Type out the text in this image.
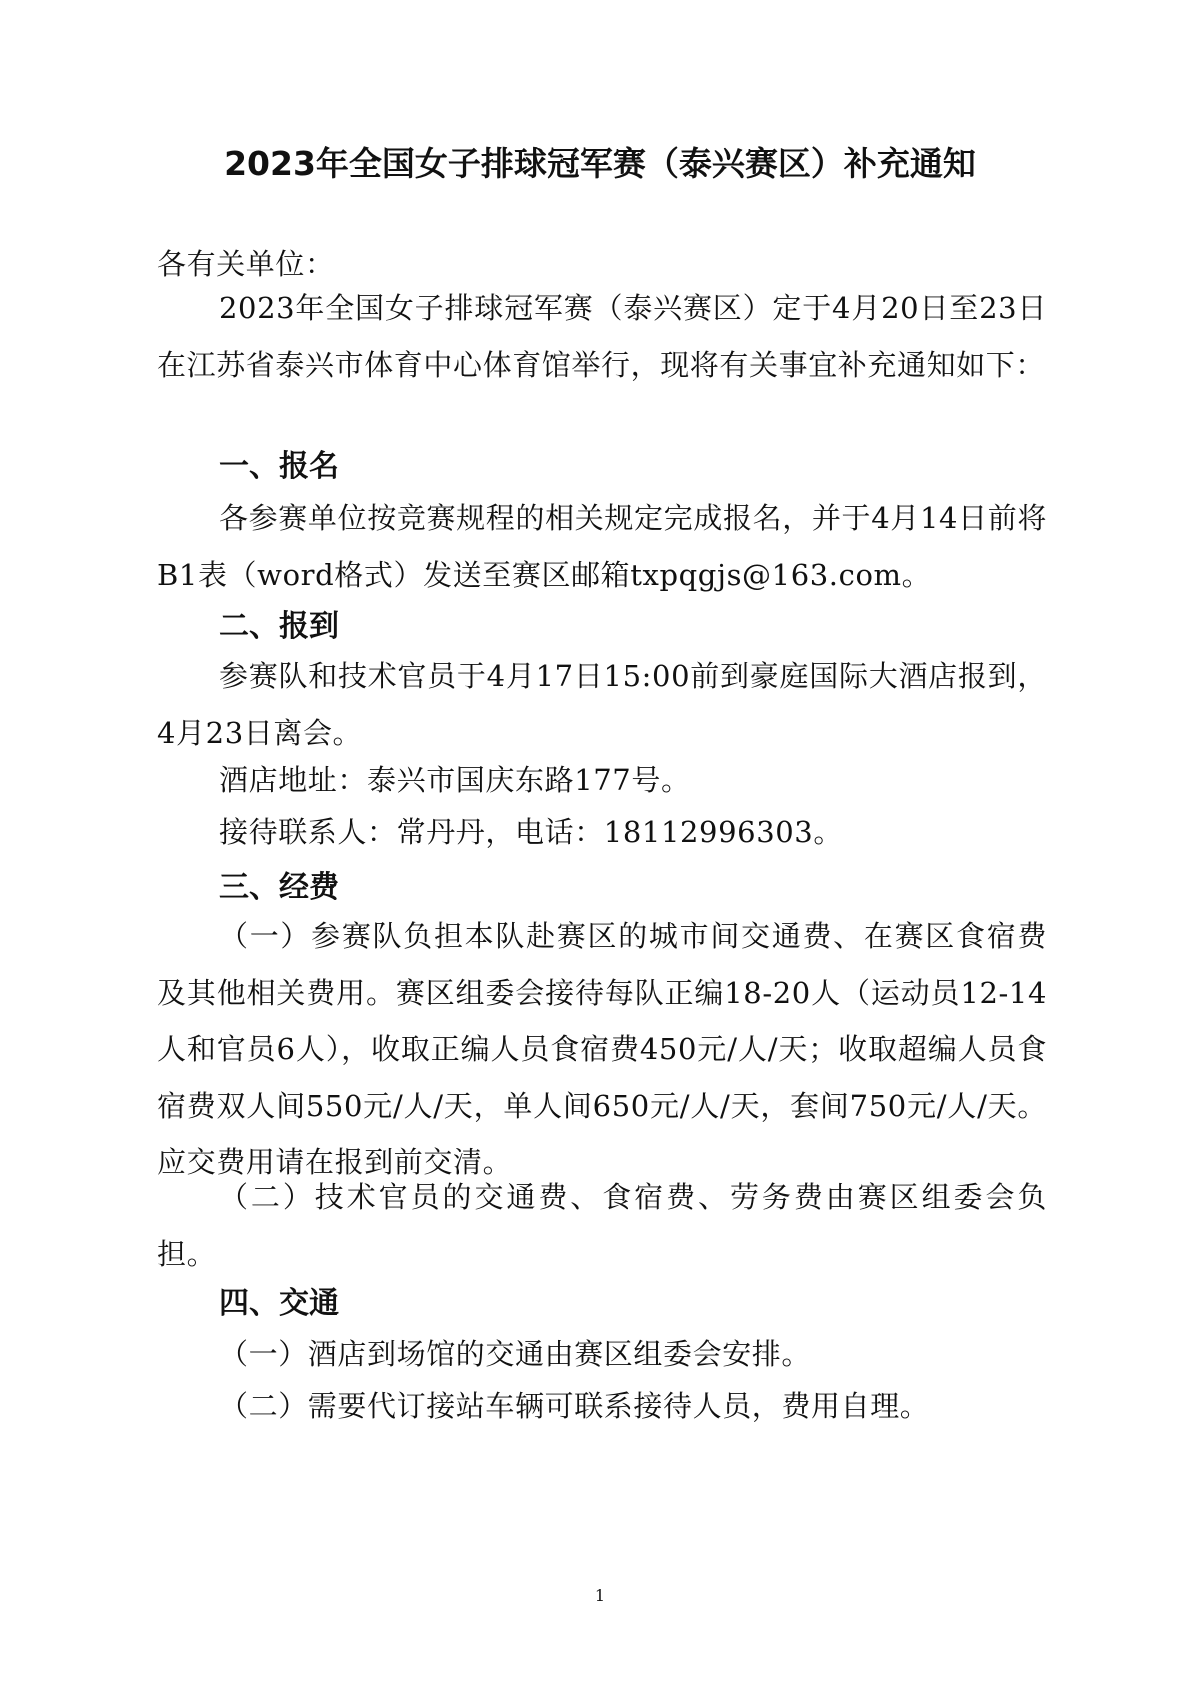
2023年全国女子排球冠军赛（泰兴赛区）补充通知

各有关单位：

2023年全国女子排球冠军赛（泰兴赛区）定于4月20日至23日在江苏省泰兴市体育中心体育馆举行，现将有关事宜补充通知如下：

一、报名

各参赛单位按竞赛规程的相关规定完成报名，并于4月14日前将B1表（word格式）发送至赛区邮箱txpqgjs@163.com。

二、报到

参赛队和技术官员于4月17日15:00前到豪庭国际大酒店报到，4月23日离会。

酒店地址：泰兴市国庆东路177号。

接待联系人：常丹丹，电话：18112996303。

三、经费

（一）参赛队负担本队赴赛区的城市间交通费、在赛区食宿费及其他相关费用。赛区组委会接待每队正编18-20人（运动员12-14人和官员6人），收取正编人员食宿费450元/人/天；收取超编人员食宿费双人间550元/人/天，单人间650元/人/天，套间750元/人/天。应交费用请在报到前交清。

（二）技术官员的交通费、食宿费、劳务费由赛区组委会负担。

四、交通

（一）酒店到场馆的交通由赛区组委会安排。

（二）需要代订接站车辆可联系接待人员，费用自理。

1
